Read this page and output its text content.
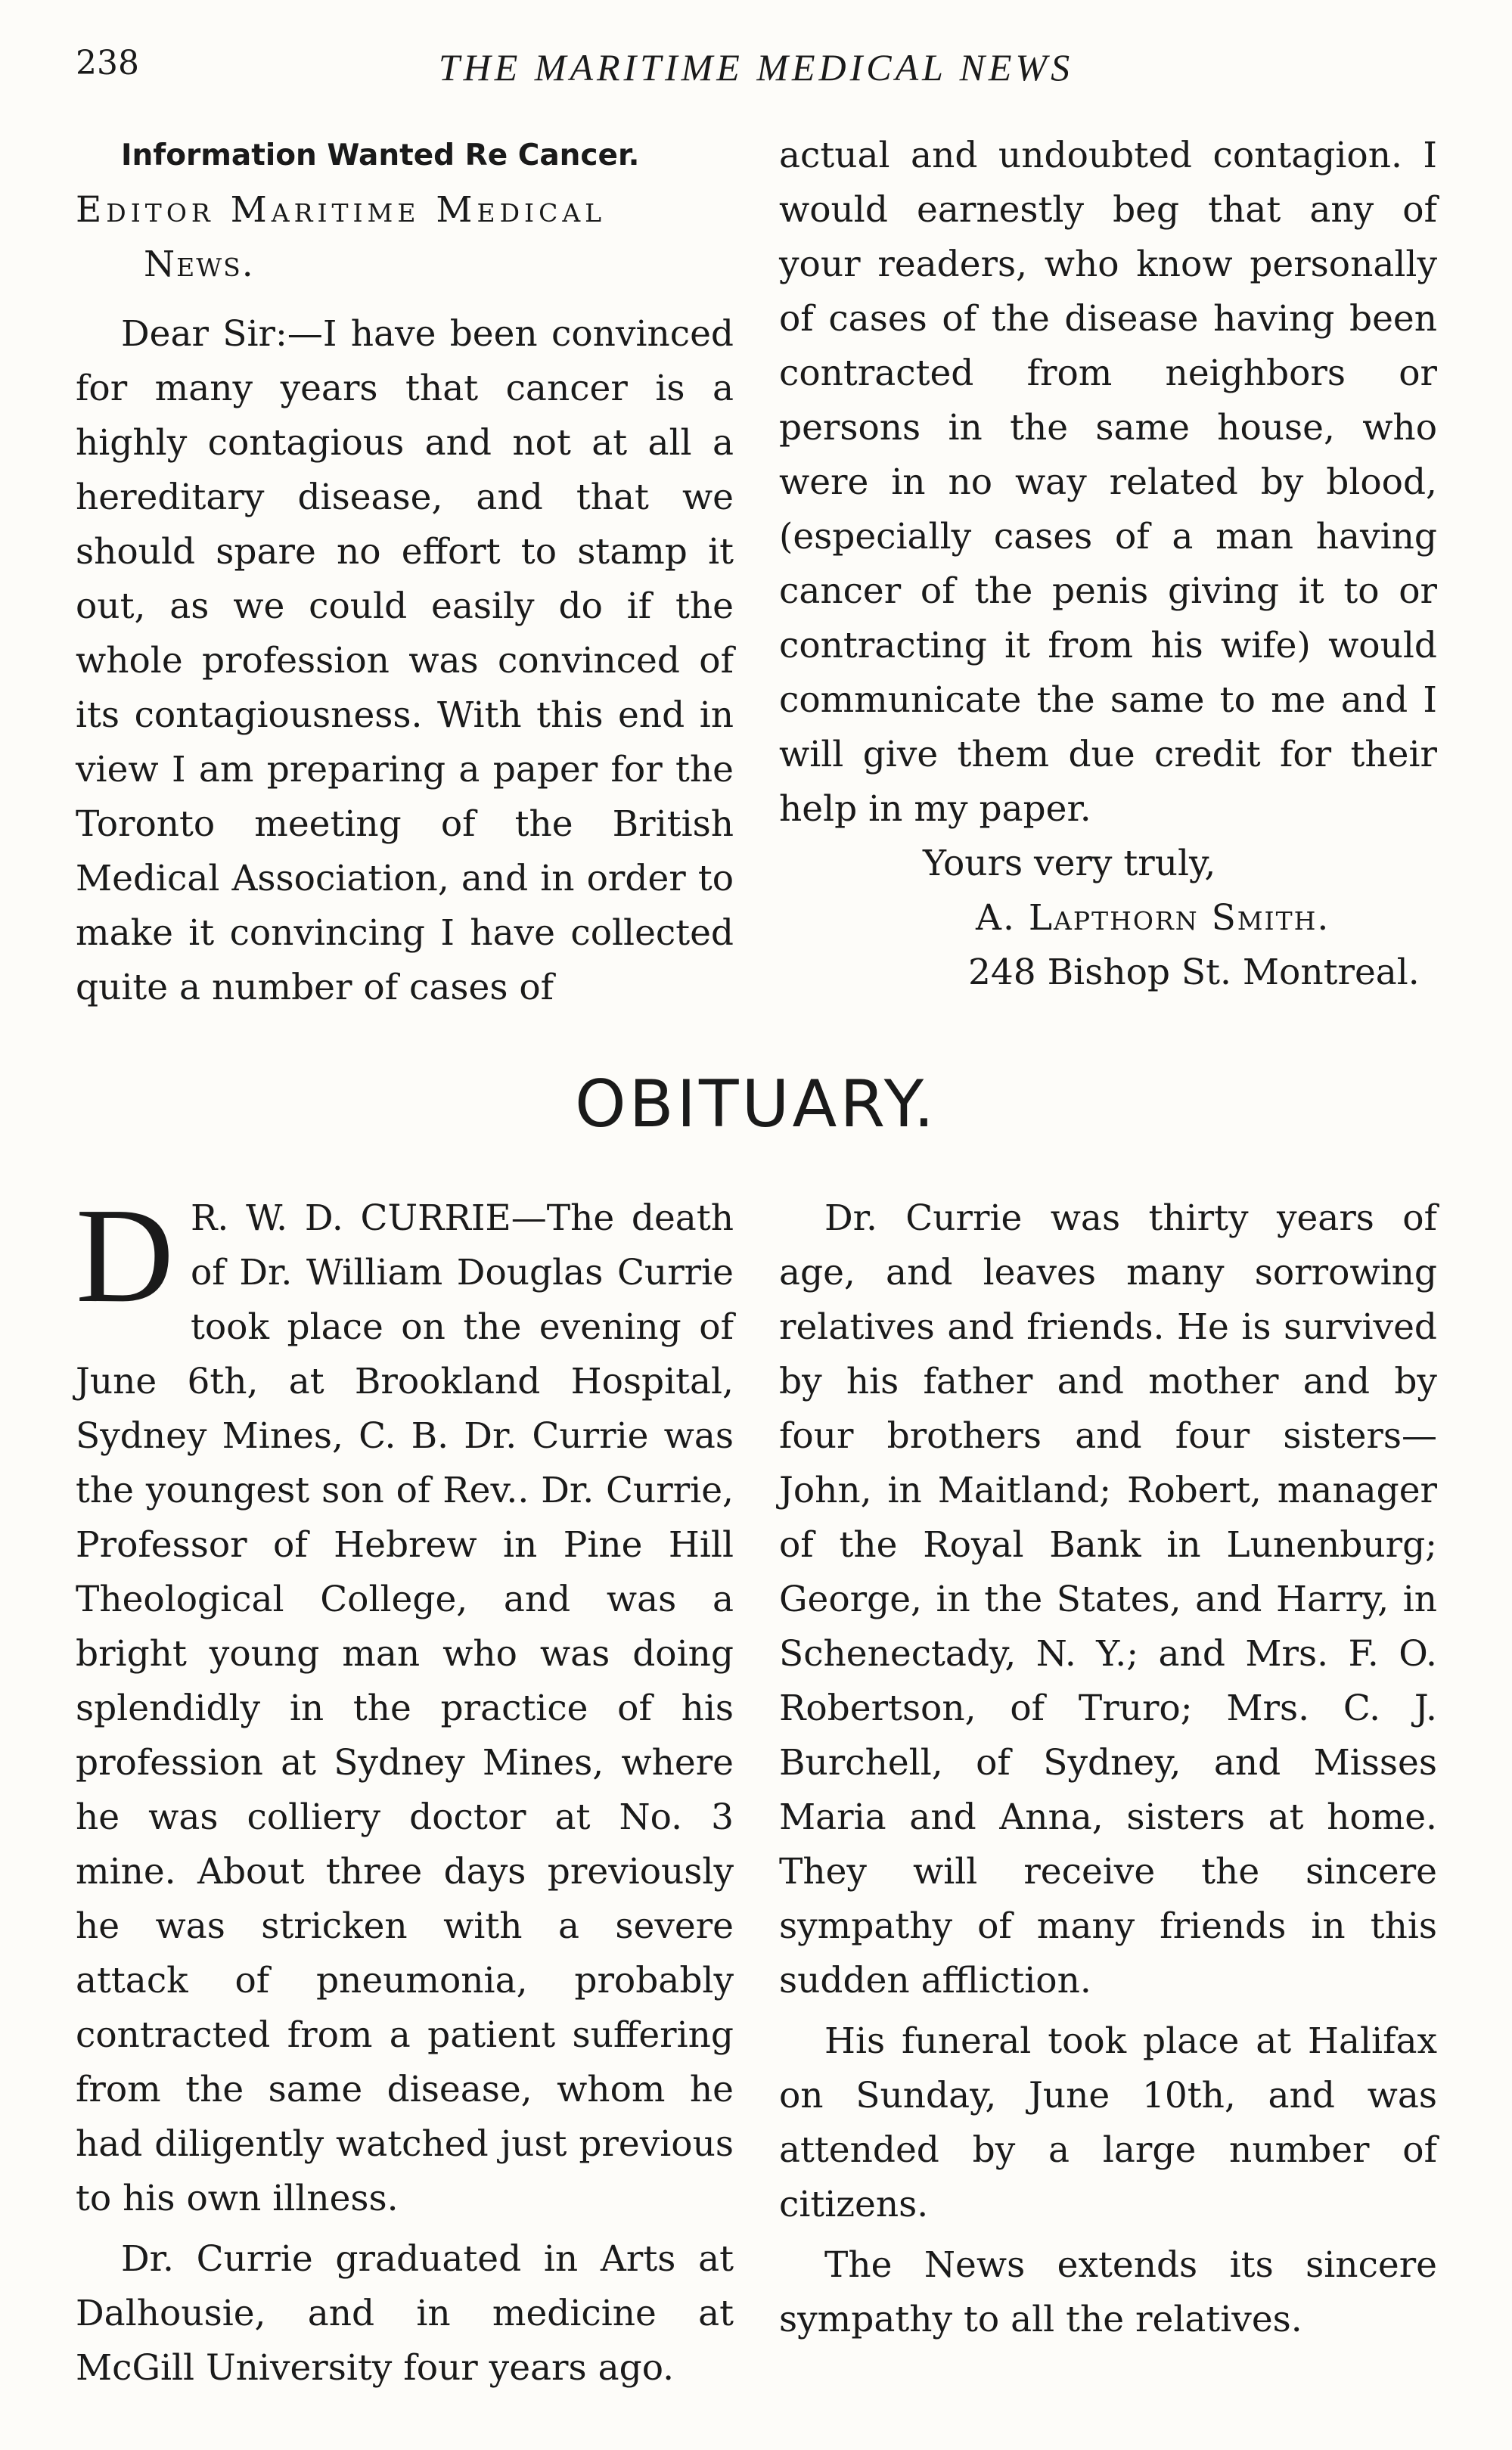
238	THE MARITIME MEDICAL NEWS
Information Wanted Re Cancer.
Editor Maritime Medical
News.

Dear Sir:—I have been convinced for many years that cancer is a highly contagious and not at all a hereditary disease, and that we should spare no effort to stamp it out, as we could easily do if the whole profession was convinced of its contagiousness. With this end in view I am preparing a paper for the Toronto meeting of the British Medical Association, and in order to make it convincing I have collected quite a number of cases of

actual and undoubted contagion. I would earnestly beg that any of your readers, who know personally of cases of the disease having been contracted from neighbors or persons in the same house, who were in no way related by blood, (especially cases of a man having cancer of the penis giving it to or contracting it from his wife) would communicate the same to me and I will give them due credit for their help in my paper.

Yours very truly,
A. Lapthorn Smith.
248 Bishop St. Montreal.
OBITUARY.

D R. W. D. CURRIE—The death of Dr. William Douglas Currie took place on the evening of June 6th, at Brookland Hospital, Sydney Mines, C. B. Dr. Currie was the youngest son of Rev.. Dr. Currie, Professor of Hebrew in Pine Hill Theological College, and was a bright young man who was doing splendidly in the practice of his profession at Sydney Mines, where he was colliery doctor at No. 3 mine. About three days previously he was stricken with a severe attack of pneumonia, probably contracted from a patient suffering from the same disease, whom he had diligently watched just previous to his own illness.

Dr. Currie graduated in Arts at Dalhousie, and in medicine at McGill University four years ago.

Dr. Currie was thirty years of age, and leaves many sorrowing relatives and friends. He is survived by his father and mother and by four brothers and four sisters—John, in Maitland; Robert, manager of the Royal Bank in Lunenburg; George, in the States, and Harry, in Schenectady, N. Y.; and Mrs. F. O. Robertson, of Truro; Mrs. C. J. Burchell, of Sydney, and Misses Maria and Anna, sisters at home. They will receive the sincere sympathy of many friends in this sudden affliction.

His funeral took place at Halifax on Sunday, June 10th, and was attended by a large number of citizens.

The News extends its sincere sympathy to all the relatives.
